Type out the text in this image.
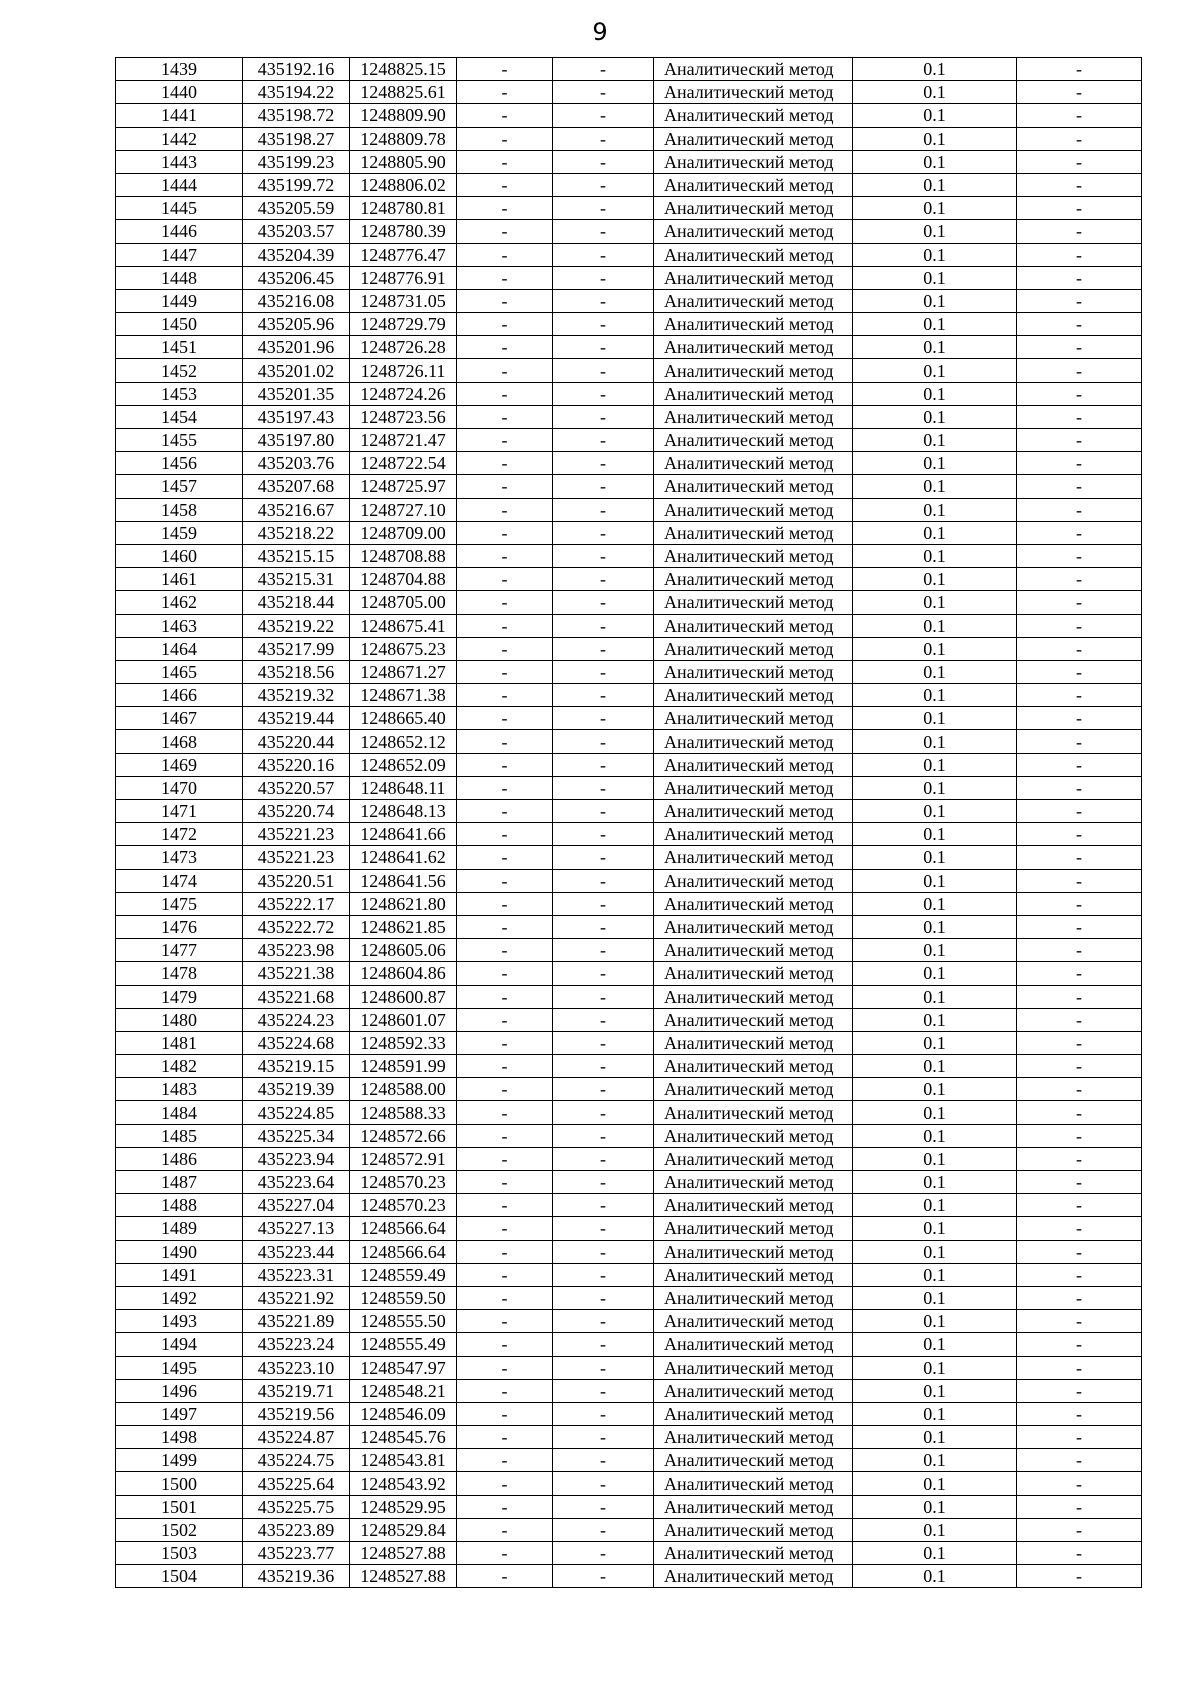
9
1439	435192.16	1248825.15	-	-	Аналитический метод	0.1	-
1440	435194.22	1248825.61	-	-	Аналитический метод	0.1	-
1441	435198.72	1248809.90	-	-	Аналитический метод	0.1	-
1442	435198.27	1248809.78	-	-	Аналитический метод	0.1	-
1443	435199.23	1248805.90	-	-	Аналитический метод	0.1	-
1444	435199.72	1248806.02	-	-	Аналитический метод	0.1	-
1445	435205.59	1248780.81	-	-	Аналитический метод	0.1	-
1446	435203.57	1248780.39	-	-	Аналитический метод	0.1	-
1447	435204.39	1248776.47	-	-	Аналитический метод	0.1	-
1448	435206.45	1248776.91	-	-	Аналитический метод	0.1	-
1449	435216.08	1248731.05	-	-	Аналитический метод	0.1	-
1450	435205.96	1248729.79	-	-	Аналитический метод	0.1	-
1451	435201.96	1248726.28	-	-	Аналитический метод	0.1	-
1452	435201.02	1248726.11	-	-	Аналитический метод	0.1	-
1453	435201.35	1248724.26	-	-	Аналитический метод	0.1	-
1454	435197.43	1248723.56	-	-	Аналитический метод	0.1	-
1455	435197.80	1248721.47	-	-	Аналитический метод	0.1	-
1456	435203.76	1248722.54	-	-	Аналитический метод	0.1	-
1457	435207.68	1248725.97	-	-	Аналитический метод	0.1	-
1458	435216.67	1248727.10	-	-	Аналитический метод	0.1	-
1459	435218.22	1248709.00	-	-	Аналитический метод	0.1	-
1460	435215.15	1248708.88	-	-	Аналитический метод	0.1	-
1461	435215.31	1248704.88	-	-	Аналитический метод	0.1	-
1462	435218.44	1248705.00	-	-	Аналитический метод	0.1	-
1463	435219.22	1248675.41	-	-	Аналитический метод	0.1	-
1464	435217.99	1248675.23	-	-	Аналитический метод	0.1	-
1465	435218.56	1248671.27	-	-	Аналитический метод	0.1	-
1466	435219.32	1248671.38	-	-	Аналитический метод	0.1	-
1467	435219.44	1248665.40	-	-	Аналитический метод	0.1	-
1468	435220.44	1248652.12	-	-	Аналитический метод	0.1	-
1469	435220.16	1248652.09	-	-	Аналитический метод	0.1	-
1470	435220.57	1248648.11	-	-	Аналитический метод	0.1	-
1471	435220.74	1248648.13	-	-	Аналитический метод	0.1	-
1472	435221.23	1248641.66	-	-	Аналитический метод	0.1	-
1473	435221.23	1248641.62	-	-	Аналитический метод	0.1	-
1474	435220.51	1248641.56	-	-	Аналитический метод	0.1	-
1475	435222.17	1248621.80	-	-	Аналитический метод	0.1	-
1476	435222.72	1248621.85	-	-	Аналитический метод	0.1	-
1477	435223.98	1248605.06	-	-	Аналитический метод	0.1	-
1478	435221.38	1248604.86	-	-	Аналитический метод	0.1	-
1479	435221.68	1248600.87	-	-	Аналитический метод	0.1	-
1480	435224.23	1248601.07	-	-	Аналитический метод	0.1	-
1481	435224.68	1248592.33	-	-	Аналитический метод	0.1	-
1482	435219.15	1248591.99	-	-	Аналитический метод	0.1	-
1483	435219.39	1248588.00	-	-	Аналитический метод	0.1	-
1484	435224.85	1248588.33	-	-	Аналитический метод	0.1	-
1485	435225.34	1248572.66	-	-	Аналитический метод	0.1	-
1486	435223.94	1248572.91	-	-	Аналитический метод	0.1	-
1487	435223.64	1248570.23	-	-	Аналитический метод	0.1	-
1488	435227.04	1248570.23	-	-	Аналитический метод	0.1	-
1489	435227.13	1248566.64	-	-	Аналитический метод	0.1	-
1490	435223.44	1248566.64	-	-	Аналитический метод	0.1	-
1491	435223.31	1248559.49	-	-	Аналитический метод	0.1	-
1492	435221.92	1248559.50	-	-	Аналитический метод	0.1	-
1493	435221.89	1248555.50	-	-	Аналитический метод	0.1	-
1494	435223.24	1248555.49	-	-	Аналитический метод	0.1	-
1495	435223.10	1248547.97	-	-	Аналитический метод	0.1	-
1496	435219.71	1248548.21	-	-	Аналитический метод	0.1	-
1497	435219.56	1248546.09	-	-	Аналитический метод	0.1	-
1498	435224.87	1248545.76	-	-	Аналитический метод	0.1	-
1499	435224.75	1248543.81	-	-	Аналитический метод	0.1	-
1500	435225.64	1248543.92	-	-	Аналитический метод	0.1	-
1501	435225.75	1248529.95	-	-	Аналитический метод	0.1	-
1502	435223.89	1248529.84	-	-	Аналитический метод	0.1	-
1503	435223.77	1248527.88	-	-	Аналитический метод	0.1	-
1504	435219.36	1248527.88	-	-	Аналитический метод	0.1	-
